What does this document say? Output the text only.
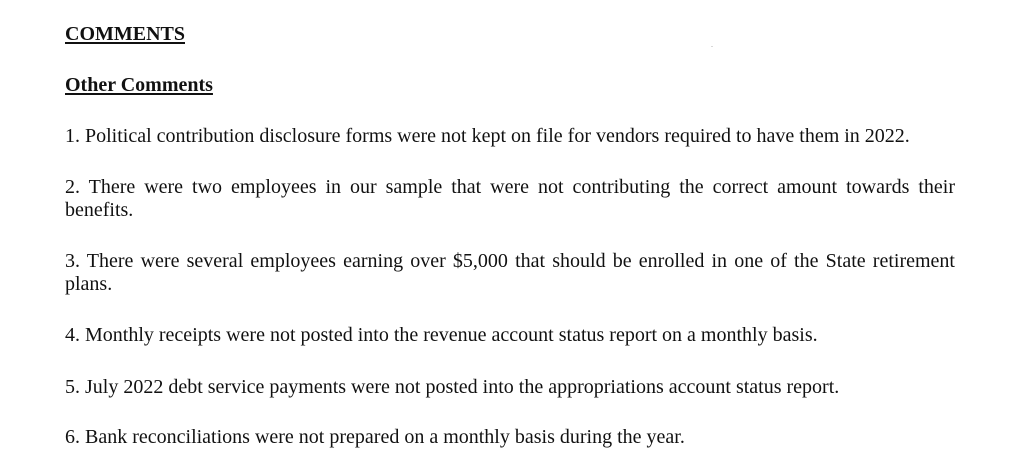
COMMENTS
Other Comments

1. Political contribution disclosure forms were not kept on file for vendors required to have them in 2022.

2. There were two employees in our sample that were not contributing the correct amount towards their benefits.

3. There were several employees earning over $5,000 that should be enrolled in one of the State retirement plans.

4. Monthly receipts were not posted into the revenue account status report on a monthly basis.

5. July 2022 debt service payments were not posted into the appropriations account status report.

6. Bank reconciliations were not prepared on a monthly basis during the year.
